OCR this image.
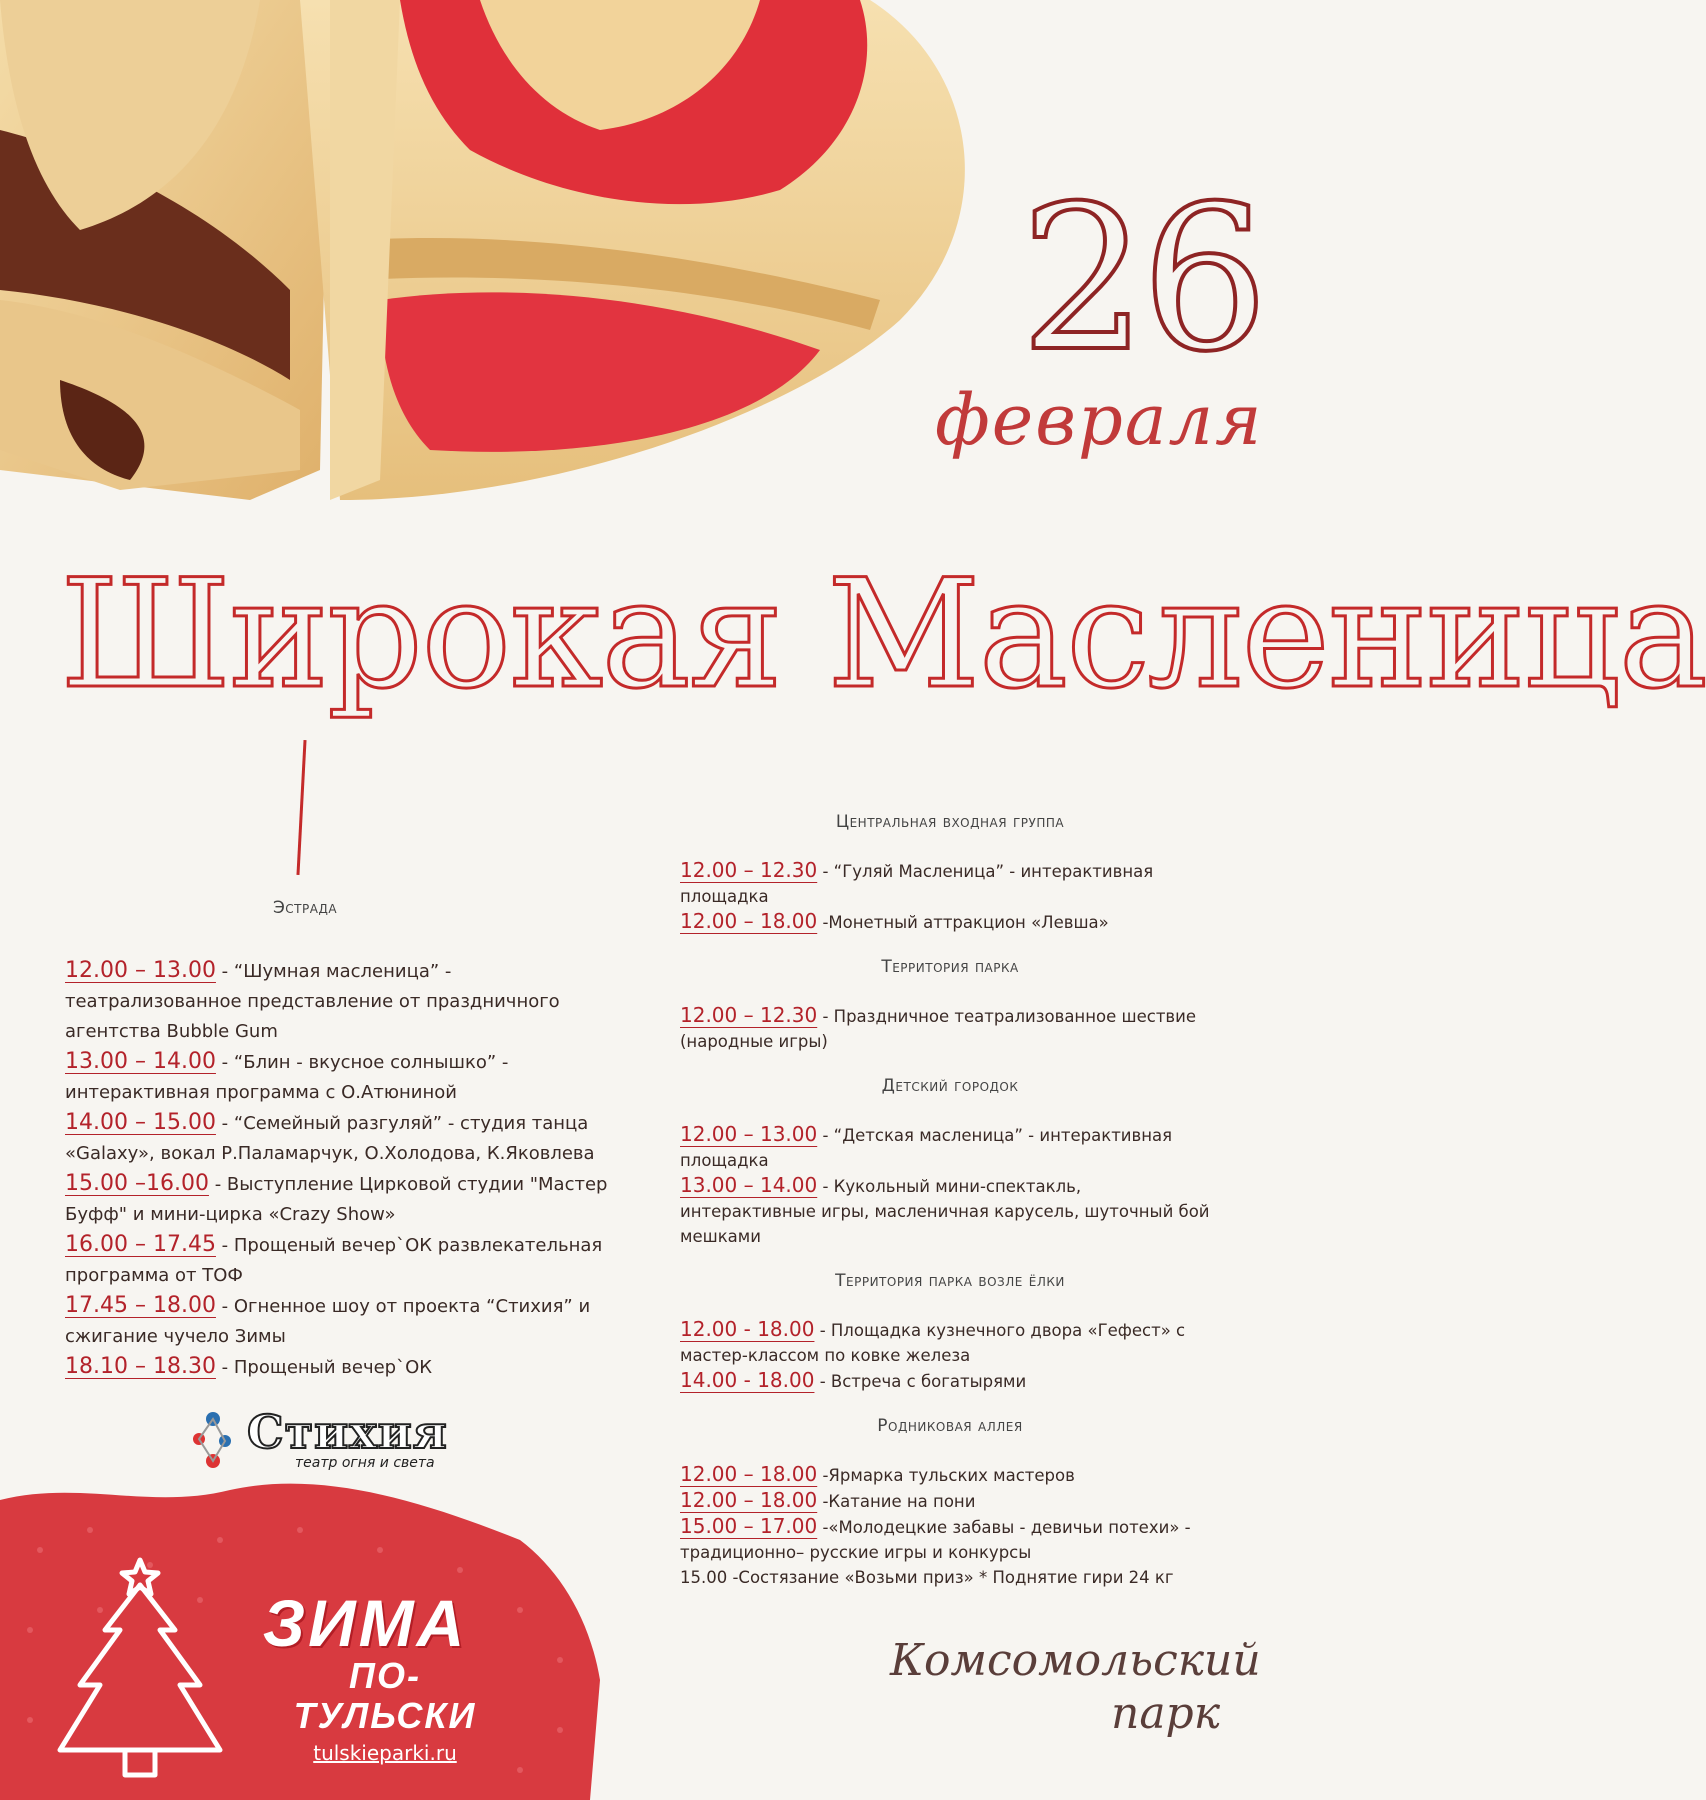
26
февраля
Широкая Масленица
Эстрада
12.00 – 13.00 - “Шумная масленица” - театрализованное представление от праздничного агентства Bubble Gum
13.00 – 14.00 - “Блин - вкусное солнышко” - интерактивная программа с О.Атюниной
14.00 – 15.00 - “Семейный разгуляй” - студия танца «Galaxy», вокал Р.Паламарчук, О.Холодова, К.Яковлева
15.00 –16.00 - Выступление Цирковой студии "Мастер Буфф" и мини-цирка «Crazy Show»
16.00 – 17.45 - Прощеный вечер`ОК развлекательная программа от ТОФ
17.45 – 18.00 - Огненное шоу от проекта “Стихия” и сжигание чучело Зимы
18.10 – 18.30 - Прощеный вечер`ОК
Центральная входная группа
12.00 – 12.30 - “Гуляй Масленица” - интерактивная площадка
12.00 – 18.00 -Монетный аттракцион «Левша»
Территория парка
12.00 – 12.30 - Праздничное театрализованное шествие (народные игры)
Детский городок
12.00 – 13.00 - “Детская масленица” - интерактивная площадка
13.00 – 14.00 - Кукольный мини-спектакль, интерактивные игры, масленичная карусель, шуточный бой мешками
Территория парка возле ёлки
12.00 - 18.00 - Площадка кузнечного двора «Гефест» с мастер-классом по ковке железа
14.00 - 18.00 - Встреча с богатырями
Родниковая аллея
12.00 – 18.00 -Ярмарка тульских мастеров
12.00 – 18.00 -Катание на пони
15.00 – 17.00 -«Молодецкие забавы - девичьи потехи» - традиционно– русские игры и конкурсы
15.00 -Состязание «Возьми приз» * Поднятие гири 24 кг
Стихия
театр огня и света
ЗИМА
ПО-ТУЛЬСКИ
tulskieparki.ru
Комсомольский
парк
